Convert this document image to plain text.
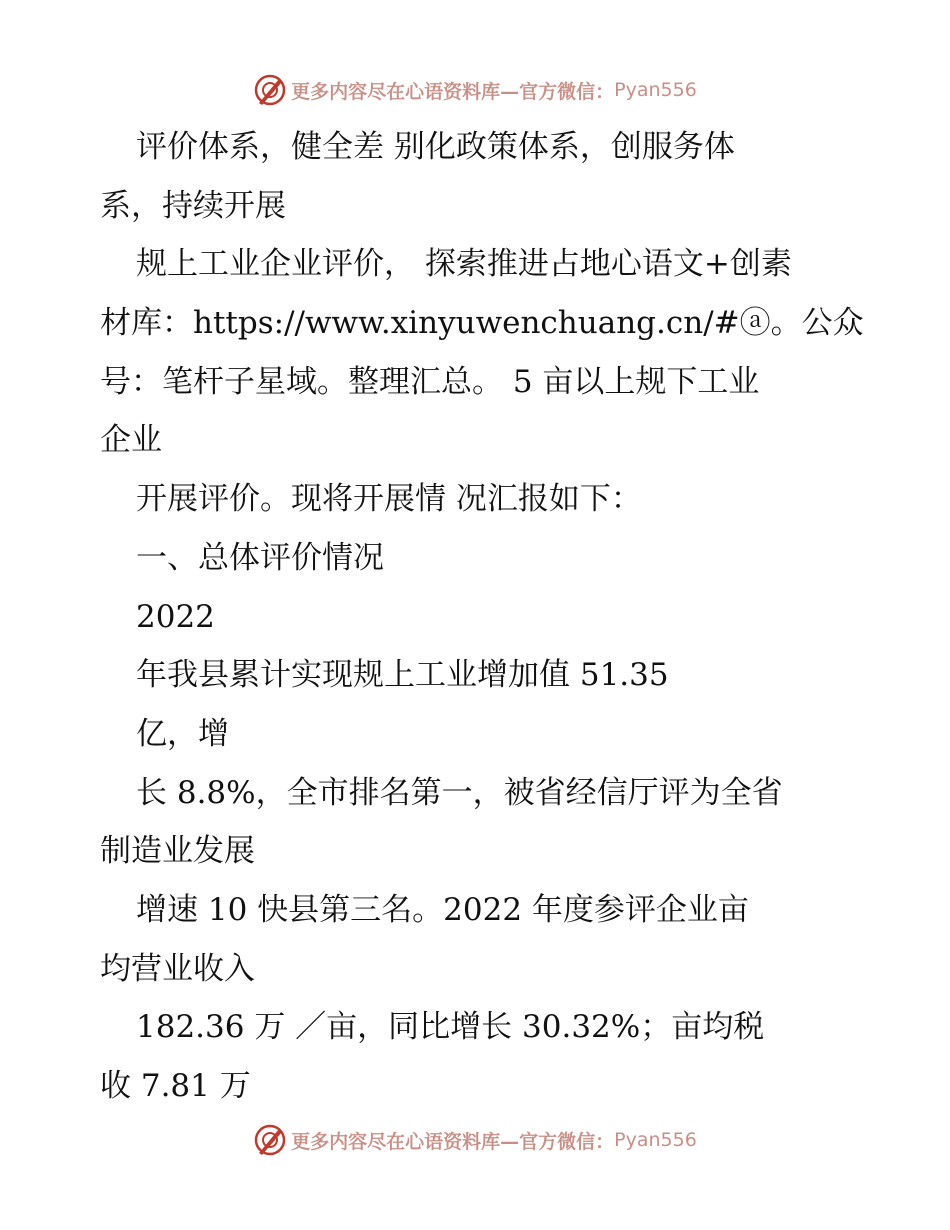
更多内容尽在心语资料库—官方微信： Pyan556
评价体系，健全差 别化政策体系，创服务体
系，持续开展
规上工业企业评价， 探索推进占地心语文+创素
材库：https://www.xinyuwenchuang.cn/#ⓐ。公众
号：笔杆子星域。整理汇总。 5 亩以上规下工业
企业
开展评价。现将开展情 况汇报如下：
一、总体评价情况
2022
年我县累计实现规上工业增加值 51.35
亿，增
长 8.8%，全市排名第一，被省经信厅评为全省
制造业发展
增速 10 快县第三名。2022 年度参评企业亩
均营业收入
182.36 万 ／亩，同比增长 30.32%；亩均税
收 7.81 万
更多内容尽在心语资料库—官方微信： Pyan556
